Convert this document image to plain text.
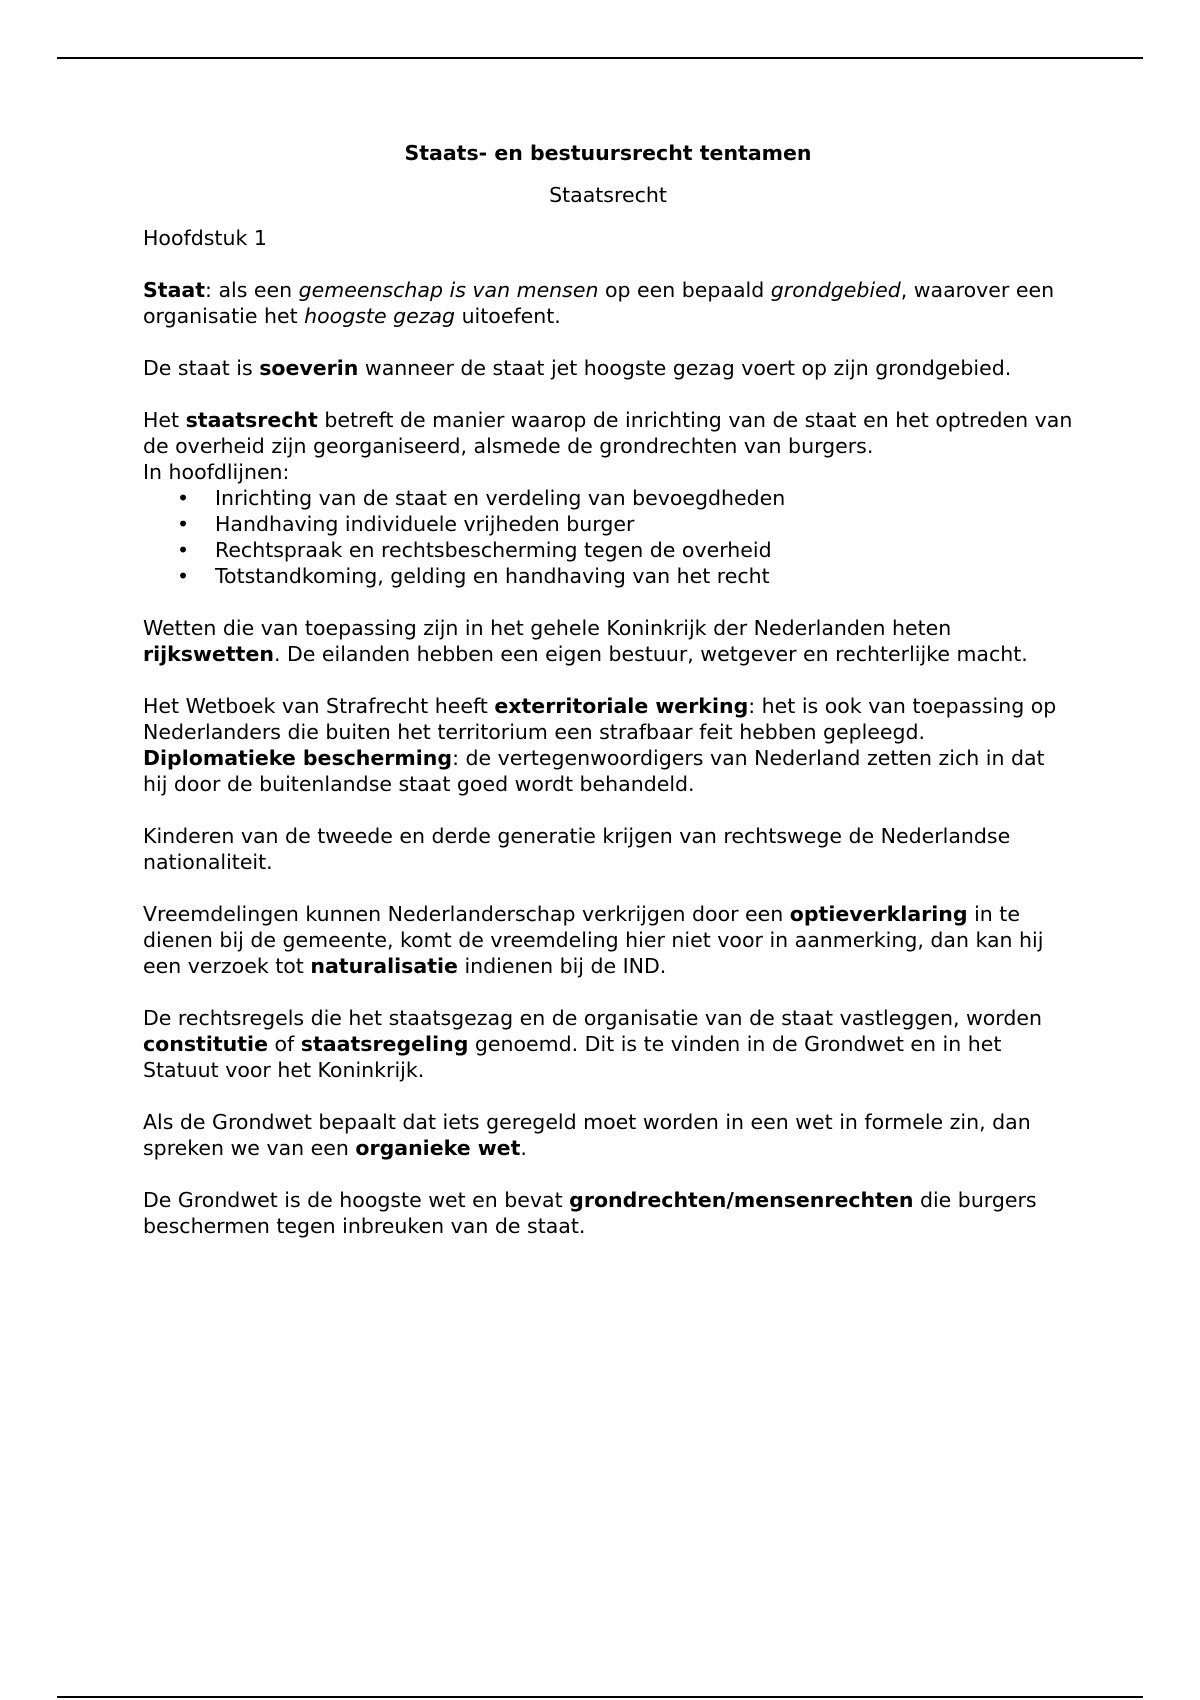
Staats- en bestuursrecht tentamen
Staatsrecht
Hoofdstuk 1

Staat: als een gemeenschap is van mensen op een bepaald grondgebied, waarover een organisatie het hoogste gezag uitoefent.

De staat is soeverin wanneer de staat jet hoogste gezag voert op zijn grondgebied.

Het staatsrecht betreft de manier waarop de inrichting van de staat en het optreden van de overheid zijn georganiseerd, alsmede de grondrechten van burgers.

In hoofdlijnen:

• Inrichting van de staat en verdeling van bevoegdheden
• Handhaving individuele vrijheden burger
• Rechtspraak en rechtsbescherming tegen de overheid
• Totstandkoming, gelding en handhaving van het recht

Wetten die van toepassing zijn in het gehele Koninkrijk der Nederlanden heten rijkswetten. De eilanden hebben een eigen bestuur, wetgever en rechterlijke macht.

Het Wetboek van Strafrecht heeft exterritoriale werking: het is ook van toepassing op Nederlanders die buiten het territorium een strafbaar feit hebben gepleegd. Diplomatieke bescherming: de vertegenwoordigers van Nederland zetten zich in dat hij door de buitenlandse staat goed wordt behandeld.

Kinderen van de tweede en derde generatie krijgen van rechtswege de Nederlandse nationaliteit.

Vreemdelingen kunnen Nederlanderschap verkrijgen door een optieverklaring in te dienen bij de gemeente, komt de vreemdeling hier niet voor in aanmerking, dan kan hij een verzoek tot naturalisatie indienen bij de IND.

De rechtsregels die het staatsgezag en de organisatie van de staat vastleggen, worden constitutie of staatsregeling genoemd. Dit is te vinden in de Grondwet en in het Statuut voor het Koninkrijk.

Als de Grondwet bepaalt dat iets geregeld moet worden in een wet in formele zin, dan spreken we van een organieke wet.

De Grondwet is de hoogste wet en bevat grondrechten/mensenrechten die burgers beschermen tegen inbreuken van de staat.
